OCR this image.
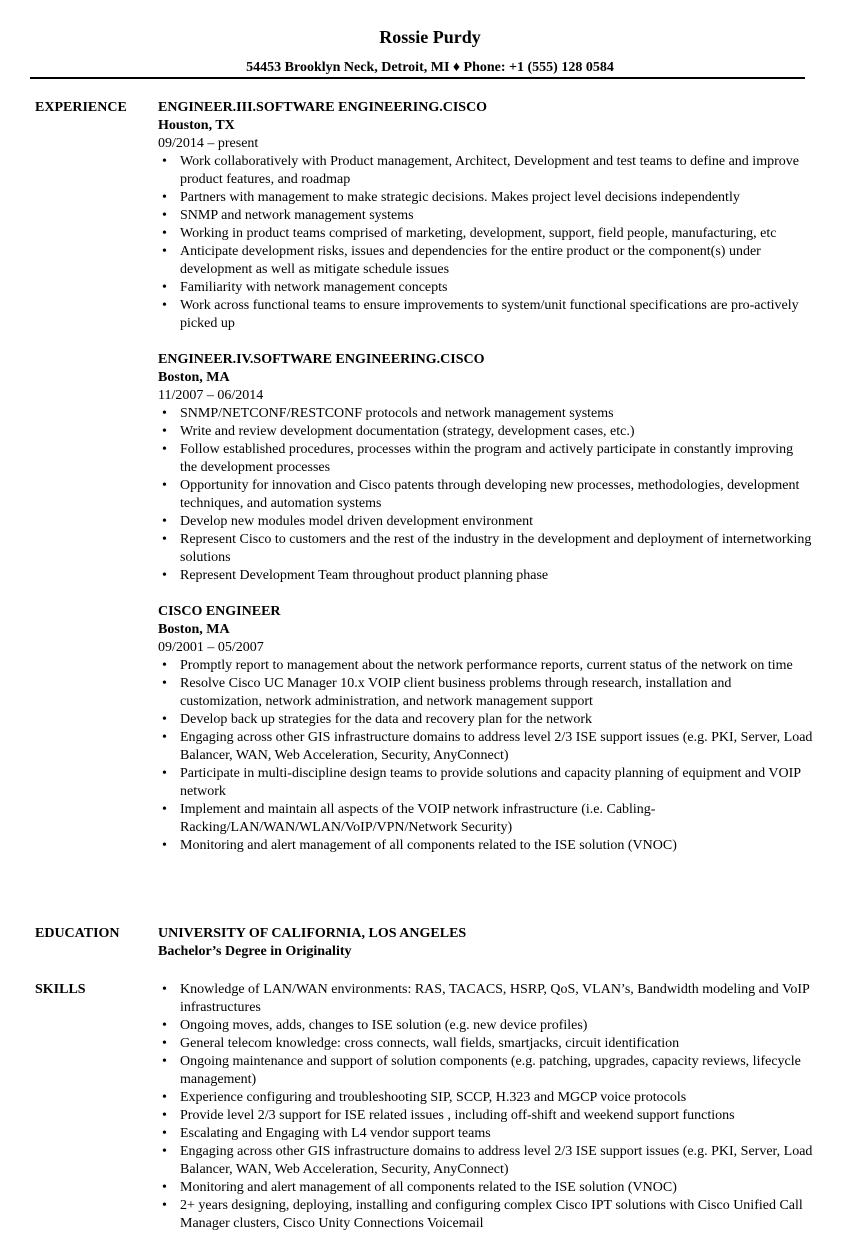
Rossie Purdy
54453 Brooklyn Neck, Detroit, MI ♦ Phone: +1 (555) 128 0584
EXPERIENCE ENGINEER.III.SOFTWARE ENGINEERING.CISCO
Houston, TX
09/2014 – present
• Work collaboratively with Product management, Architect, Development and test teams to define and improve product features, and roadmap
• Partners with management to make strategic decisions. Makes project level decisions independently
• SNMP and network management systems
• Working in product teams comprised of marketing, development, support, field people, manufacturing, etc
• Anticipate development risks, issues and dependencies for the entire product or the component(s) under development as well as mitigate schedule issues
• Familiarity with network management concepts
• Work across functional teams to ensure improvements to system/unit functional specifications are pro-actively picked up
ENGINEER.IV.SOFTWARE ENGINEERING.CISCO
Boston, MA
11/2007 – 06/2014
• SNMP/NETCONF/RESTCONF protocols and network management systems
• Write and review development documentation (strategy, development cases, etc.)
• Follow established procedures, processes within the program and actively participate in constantly improving the development processes
• Opportunity for innovation and Cisco patents through developing new processes, methodologies, development techniques, and automation systems
• Develop new modules model driven development environment
• Represent Cisco to customers and the rest of the industry in the development and deployment of internetworking solutions
• Represent Development Team throughout product planning phase
CISCO ENGINEER
Boston, MA
09/2001 – 05/2007
• Promptly report to management about the network performance reports, current status of the network on time
• Resolve Cisco UC Manager 10.x VOIP client business problems through research, installation and customization, network administration, and network management support
• Develop back up strategies for the data and recovery plan for the network
• Engaging across other GIS infrastructure domains to address level 2/3 ISE support issues (e.g. PKI, Server, Load Balancer, WAN, Web Acceleration, Security, AnyConnect)
• Participate in multi-discipline design teams to provide solutions and capacity planning of equipment and VOIP network
• Implement and maintain all aspects of the VOIP network infrastructure (i.e. Cabling-Racking/LAN/WAN/WLAN/VoIP/VPN/Network Security)
• Monitoring and alert management of all components related to the ISE solution (VNOC)
EDUCATION	UNIVERSITY OF CALIFORNIA, LOS ANGELES
Bachelor’s Degree in Originality
SKILLS	• Knowledge of LAN/WAN environments: RAS, TACACS, HSRP, QoS, VLAN’s, Bandwidth modeling and VoIP infrastructures
• Ongoing moves, adds, changes to ISE solution (e.g. new device profiles)
• General telecom knowledge: cross connects, wall fields, smartjacks, circuit identification
• Ongoing maintenance and support of solution components (e.g. patching, upgrades, capacity reviews, lifecycle management)
• Experience configuring and troubleshooting SIP, SCCP, H.323 and MGCP voice protocols
• Provide level 2/3 support for ISE related issues , including off-shift and weekend support functions
• Escalating and Engaging with L4 vendor support teams
• Engaging across other GIS infrastructure domains to address level 2/3 ISE support issues (e.g. PKI, Server, Load Balancer, WAN, Web Acceleration, Security, AnyConnect)
• Monitoring and alert management of all components related to the ISE solution (VNOC)
• 2+ years designing, deploying, installing and configuring complex Cisco IPT solutions with Cisco Unified Call Manager clusters, Cisco Unity Connections Voicemail
